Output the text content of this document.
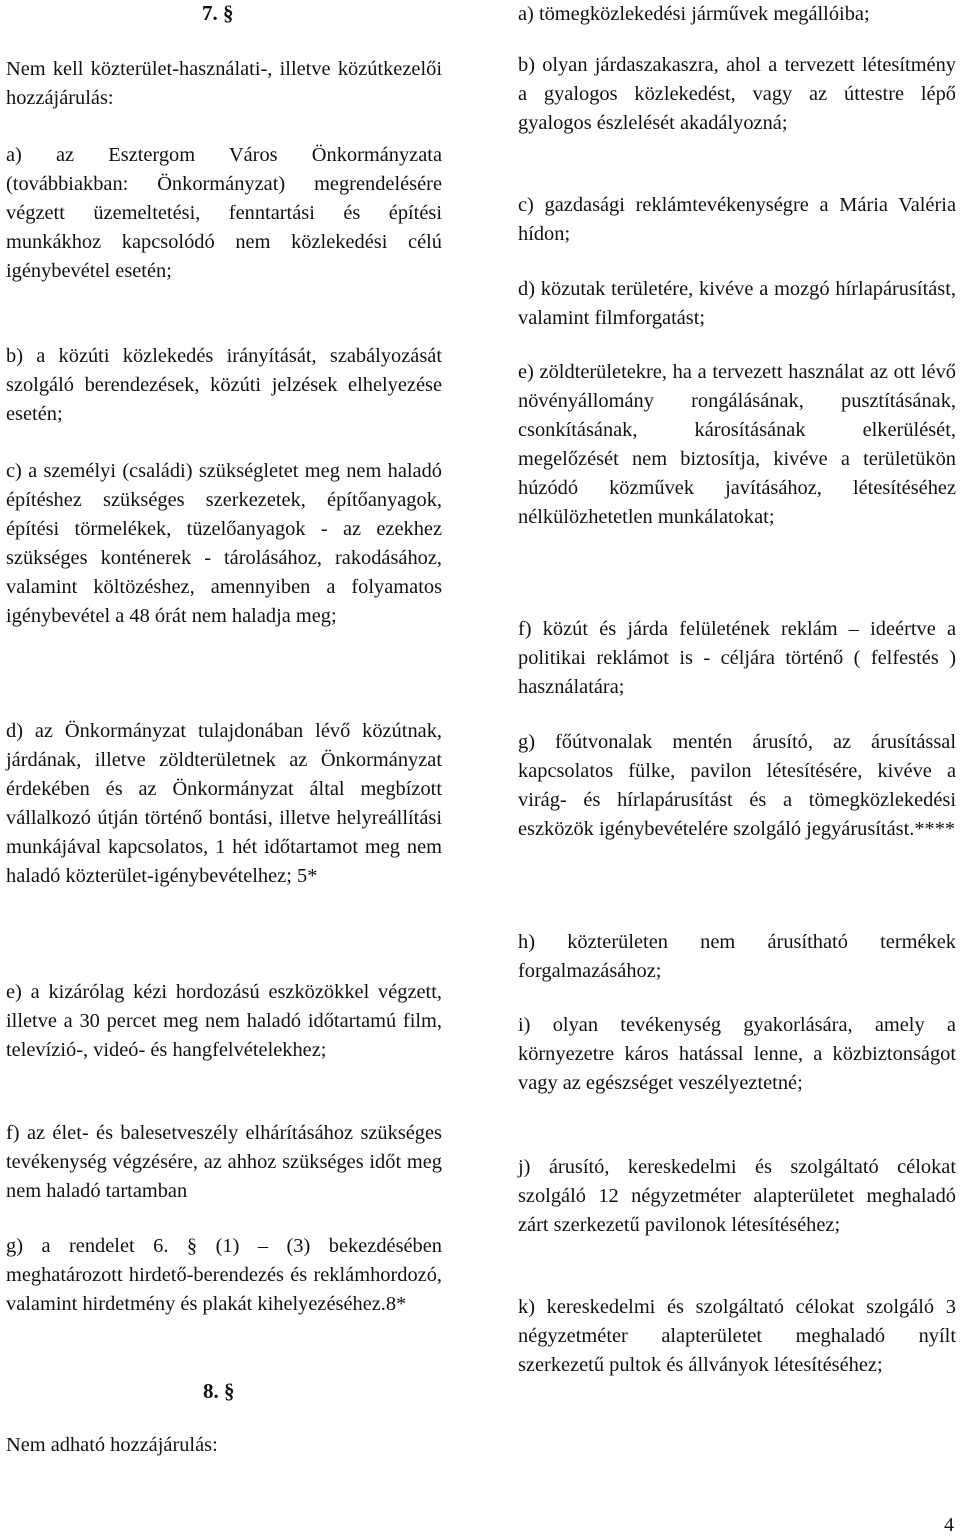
7. §

Nem kell közterület-használati-, illetve közútkezelői hozzájárulás:

a) az Esztergom Város Önkormányzata (továbbiakban: Önkormányzat) megrendelésére végzett üzemeltetési, fenntartási és építési munkákhoz kapcsolódó nem közlekedési célú igénybevétel esetén;

b) a közúti közlekedés irányítását, szabályozását szolgáló berendezések, közúti jelzések elhelyezése esetén;

c) a személyi (családi) szükségletet meg nem haladó építéshez szükséges szerkezetek, építőanyagok, építési törmelékek, tüzelőanyagok - az ezekhez szükséges konténerek - tárolásához, rakodásához, valamint költözéshez, amennyiben a folyamatos igénybevétel a 48 órát nem haladja meg;

d) az Önkormányzat tulajdonában lévő közútnak, járdának, illetve zöldterületnek az Önkormányzat érdekében és az Önkormányzat által megbízott vállalkozó útján történő bontási, illetve helyreállítási munkájával kapcsolatos, 1 hét időtartamot meg nem haladó közterület-igénybevételhez; 5*

e) a kizárólag kézi hordozású eszközökkel végzett, illetve a 30 percet meg nem haladó időtartamú film, televízió-, videó- és hangfelvételekhez;

f) az élet- és balesetveszély elhárításához szükséges tevékenység végzésére, az ahhoz szükséges időt meg nem haladó tartamban

g) a rendelet 6. § (1) – (3) bekezdésében meghatározott hirdető-berendezés és reklámhordozó, valamint hirdetmény és plakát kihelyezéséhez.8*

8. §

Nem adható hozzájárulás:

a) tömegközlekedési járművek megállóiba;

b) olyan járdaszakaszra, ahol a tervezett létesítmény a gyalogos közlekedést, vagy az úttestre lépő gyalogos észlelését akadályozná;

c) gazdasági reklámtevékenységre a Mária Valéria hídon;

d) közutak területére, kivéve a mozgó hírlapárusítást, valamint filmforgatást;

e) zöldterületekre, ha a tervezett használat az ott lévő növényállomány rongálásának, pusztításának, csonkításának, károsításának elkerülését, megelőzését nem biztosítja, kivéve a területükön húzódó közművek javításához, létesítéséhez nélkülözhetetlen munkálatokat;

f) közút és járda felületének reklám – ideértve a politikai reklámot is - céljára történő ( felfestés ) használatára;

g) főútvonalak mentén árusító, az árusítással kapcsolatos fülke, pavilon létesítésére, kivéve a virág- és hírlapárusítást és a tömegközlekedési eszközök igénybevételére szolgáló jegyárusítást.****

h) közterületen nem árusítható termékek forgalmazásához;

i) olyan tevékenység gyakorlására, amely a környezetre káros hatással lenne, a közbiztonságot vagy az egészséget veszélyeztetné;

j) árusító, kereskedelmi és szolgáltató célokat szolgáló 12 négyzetméter alapterületet meghaladó zárt szerkezetű pavilonok létesítéséhez;

k) kereskedelmi és szolgáltató célokat szolgáló 3 négyzetméter alapterületet meghaladó nyílt szerkezetű pultok és állványok létesítéséhez;

4
